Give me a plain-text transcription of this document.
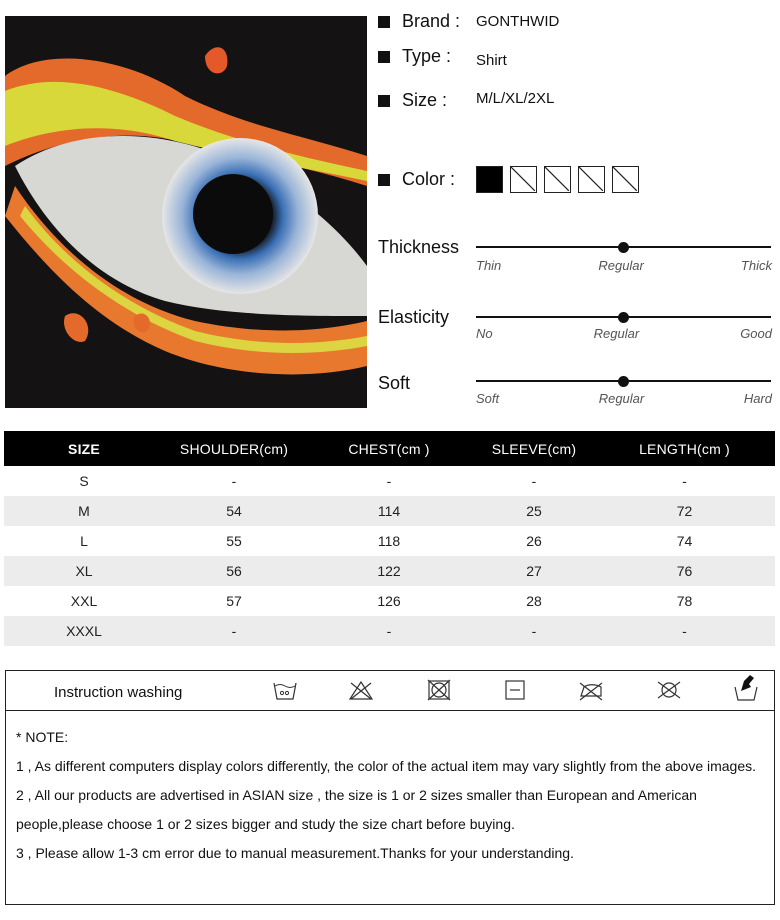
Brand : GONTHWID
Type : Shirt
Size : M/L/XL/2XL
Color :
Thickness
Thin	Regular	Thick
Elasticity
No	Regular	Good
Soft
Soft	Regular	Hard
SIZE	SHOULDER(cm)	CHEST(cm )	SLEEVE(cm)	LENGTH(cm )
S	-	-	-	-
M	54	114	25	72
L	55	118	26	74
XL	56	122	27	76
XXL	57	126	28	78
XXXL	-	-	-	-
Instruction washing
* NOTE:
1 , As different computers display colors differently, the color of the actual item may vary slightly from the above images.
2 , All our products are advertised in ASIAN size , the size is 1 or 2 sizes smaller than European and American people,please choose 1 or 2 sizes bigger and study the size chart before buying.
3 , Please allow 1-3 cm error due to manual measurement.Thanks for your understanding.
